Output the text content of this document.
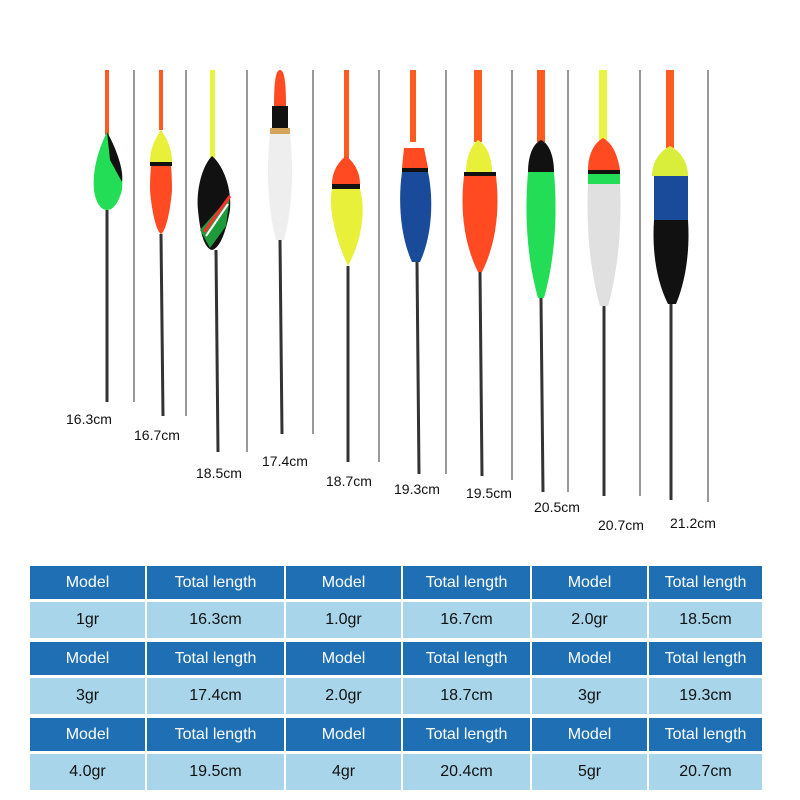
16.3cm
16.7cm
18.5cm
17.4cm
18.7cm 19.3cm 19.5cm
20.5cm
20.7cm 21.2cm
Model	Total length	Model	Total length	Model	Total length
1gr	16.3cm	1.0gr	16.7cm	2.0gr	18.5cm
Model	Total length	Model	Total length	Model	Total length
3gr	17.4cm	2.0gr	18.7cm	3gr	19.3cm
Model	Total length	Model	Total length	Model	Total length
4.0gr	19.5cm	4gr	20.4cm	5gr	20.7cm
